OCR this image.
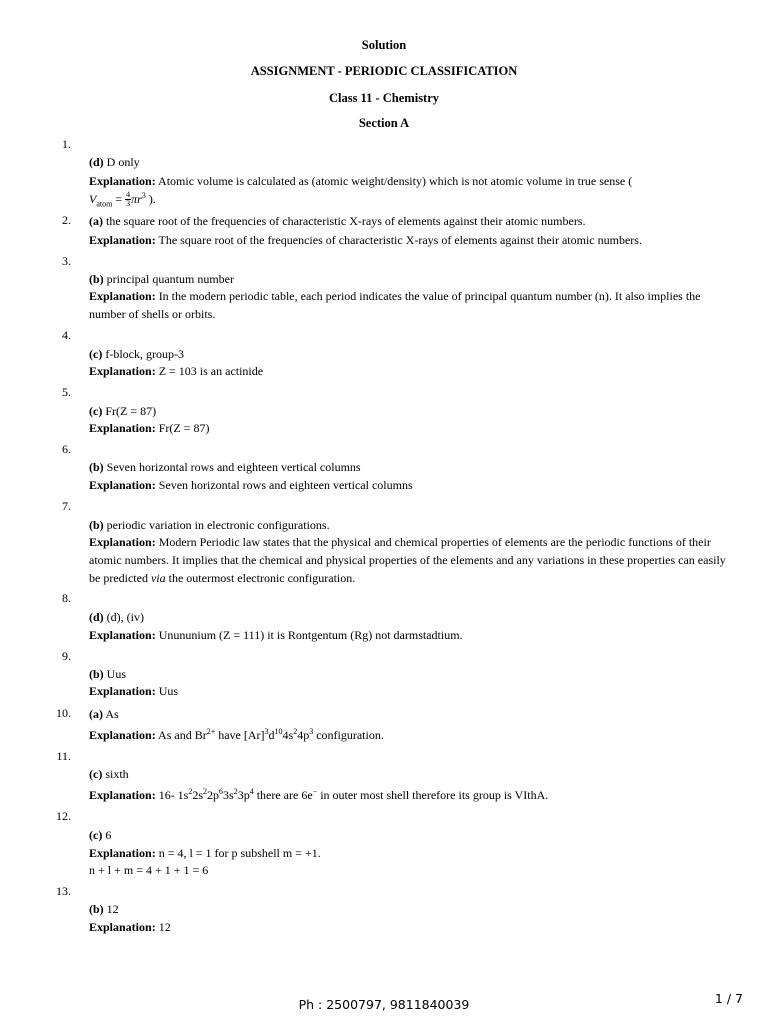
Solution
ASSIGNMENT - PERIODIC CLASSIFICATION
Class 11 - Chemistry
Section A
1.
(d) D only
Explanation: Atomic volume is calculated as (atomic weight/density) which is not atomic volume in true sense (
$V_{atom} = \frac{4}{3} \pi r^3$ ).
2. (a) the square root of the frequencies of characteristic X-rays of elements against their atomic numbers.
Explanation: The square root of the frequencies of characteristic X-rays of elements against their atomic numbers.
3.
(b) principal quantum number
Explanation: In the modern periodic table, each period indicates the value of principal quantum number (n). It also implies the number of shells or orbits.
4.
(c) f-block, group-3
Explanation: Z = 103 is an actinide
5.
(c) Fr(Z = 87)
Explanation: Fr(Z = 87)
6.
(b) Seven horizontal rows and eighteen vertical columns
Explanation: Seven horizontal rows and eighteen vertical columns
7.
(b) periodic variation in electronic configurations.
Explanation: Modern Periodic law states that the physical and chemical properties of elements are the periodic functions of their atomic numbers. It implies that the chemical and physical properties of the elements and any variations in these properties can easily be predicted via the outermost electronic configuration.
8.
(d) (d), (iv)
Explanation: Unununium (Z = 111) it is Rontgentum (Rg) not darmstadtium.
9.
(b) Uus
Explanation: Uus
10. (a) As
Explanation: As and $Br^{2+}$ have $[Ar]^3d^{10}4s^24p^3$ configuration.
11.
(c) sixth
Explanation: 16- $1s^22s^22p^63s^23p^4$ there are 6e− in outer most shell therefore its group is VIthA.
12.
(c) 6
Explanation: n = 4, l = 1 for p subshell m = +1.
n + l + m = 4 + 1 + 1 = 6
13.
(b) 12
Explanation: 12
Ph : 2500797, 9811840039	1 / 7
